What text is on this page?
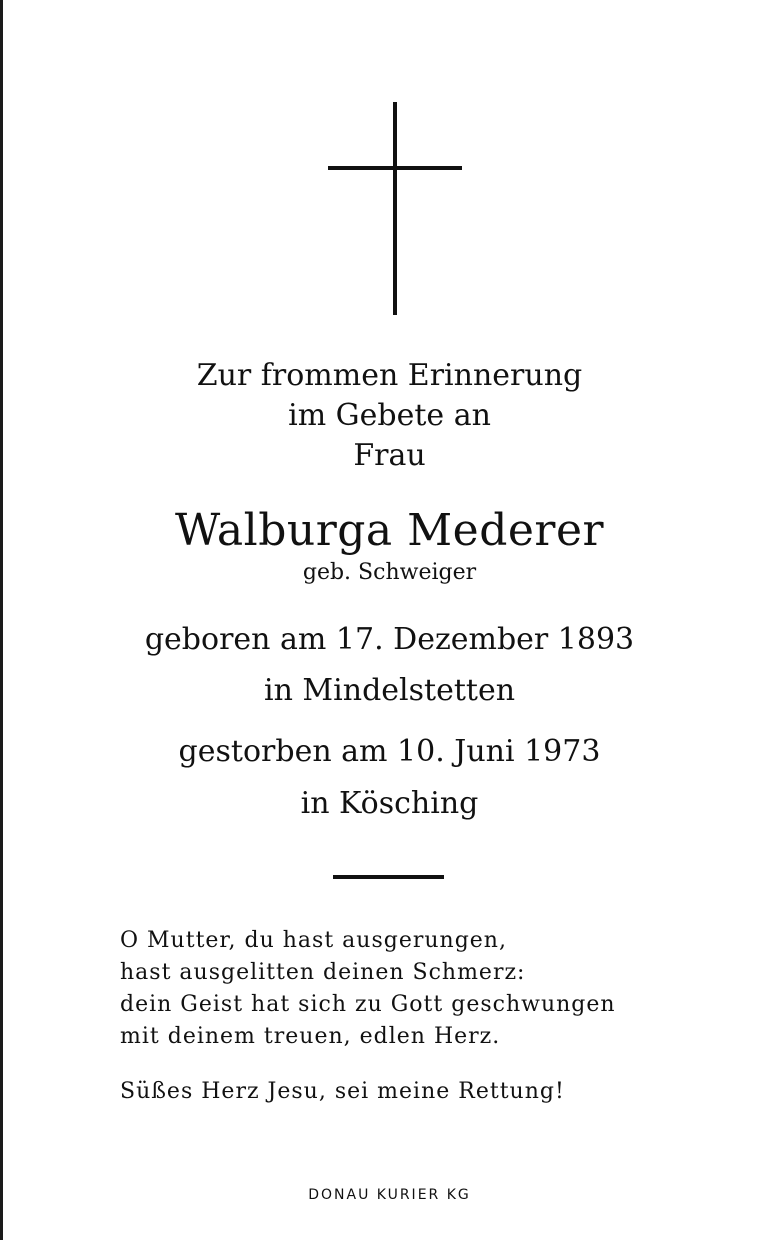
Zur frommen Erinnerung
im Gebete an
Frau
Walburga Mederer
geb. Schweiger
geboren am 17. Dezember 1893
in Mindelstetten
gestorben am 10. Juni 1973
in Kösching
O Mutter, du hast ausgerungen,
hast ausgelitten deinen Schmerz:
dein Geist hat sich zu Gott geschwungen
mit deinem treuen, edlen Herz.
Süßes Herz Jesu, sei meine Rettung!
DONAU KURIER KG
